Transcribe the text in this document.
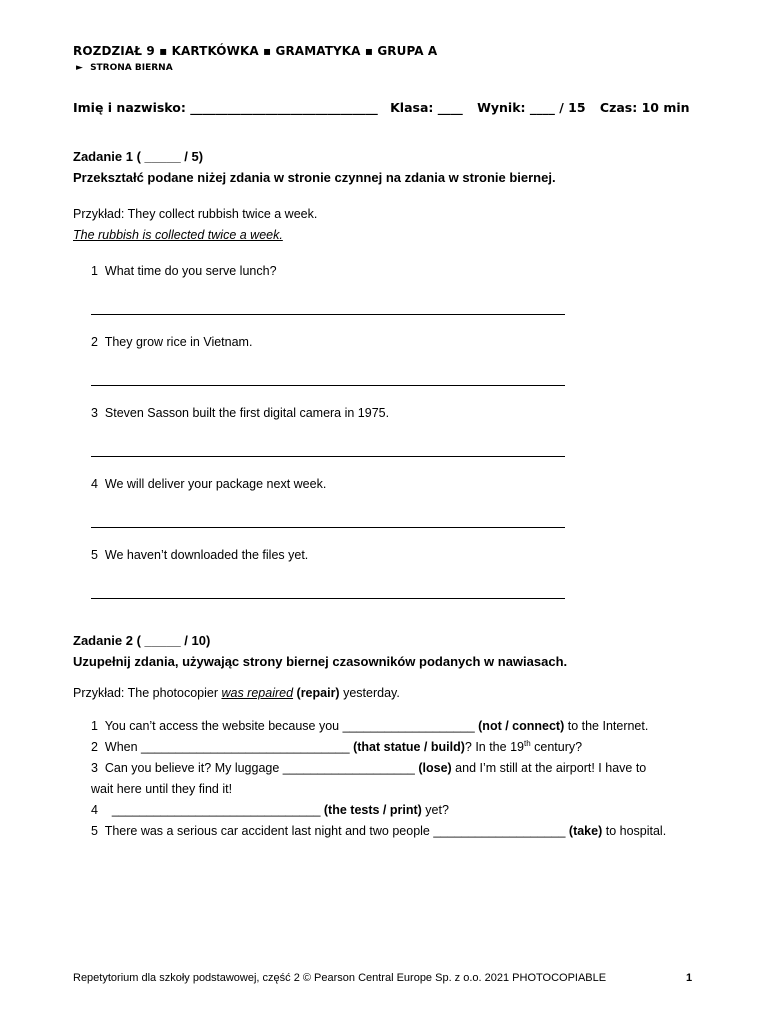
ROZDZIAŁ 9 ▪ KARTKÓWKA ▪ GRAMATYKA ▪ GRUPA A
► STRONA BIERNA
Imię i nazwisko: ______________________________ Klasa: ____ Wynik: ____ / 15 Czas: 10 min
Zadanie 1 ( _____ / 5)
Przekształć podane niżej zdania w stronie czynnej na zdania w stronie biernej.
Przykład: They collect rubbish twice a week.
The rubbish is collected twice a week.
1 What time do you serve lunch?
2 They grow rice in Vietnam.
3 Steven Sasson built the first digital camera in 1975.
4 We will deliver your package next week.
5 We haven’t downloaded the files yet.
Zadanie 2 ( _____ / 10)
Uzupełnij zdania, używając strony biernej czasowników podanych w nawiasach.
Przykład: The photocopier was repaired (repair) yesterday.
1 You can’t access the website because you ___________________ (not / connect) to the Internet.
2 When ______________________________ (that statue / build)? In the 19th century?
3 Can you believe it? My luggage ___________________ (lose) and I’m still at the airport! I have to
wait here until they find it!
4 ______________________________ (the tests / print) yet?
5 There was a serious car accident last night and two people ___________________ (take) to hospital.
Repetytorium dla szkoły podstawowej, część 2 © Pearson Central Europe Sp. z o.o. 2021 PHOTOCOPIABLE	1
